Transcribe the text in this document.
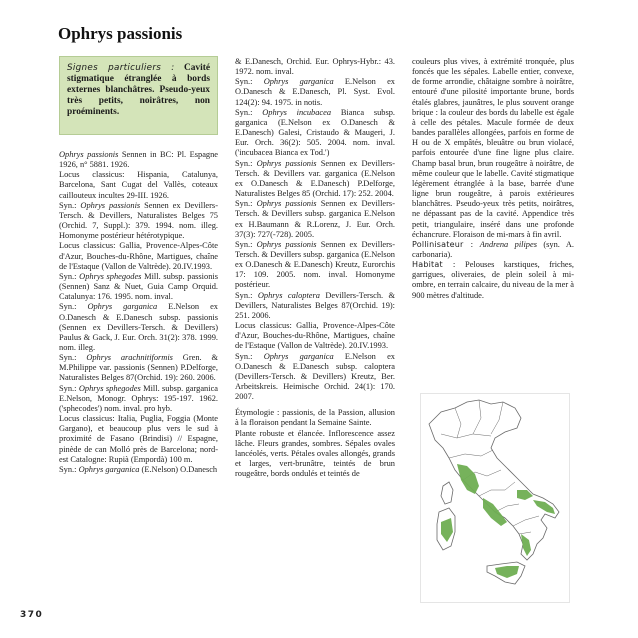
Ophrys passionis
Signes particuliers : Cavité stigmatique étranglée à bords externes blanchâtres. Pseudo-yeux très petits, noirâtres, non proéminents.

Ophrys passionis Sennen in BC: Pl. Espagne 1926, n° 5881. 1926.

Locus classicus: Hispania, Catalunya, Barcelona, Sant Cugat del Vallès, coteaux caillouteux incultes 29-III. 1926.

Syn.: Ophrys passionis Sennen ex Devillers-Tersch. & Devillers, Naturalistes Belges 75 (Orchid. 7, Suppl.): 379. 1994. nom. illeg. Homonyme postérieur hétérotypique.

Locus classicus: Gallia, Provence-Alpes-Côte d'Azur, Bouches-du-Rhône, Martigues, chaîne de l'Estaque (Vallon de Valtrède). 20.IV.1993.

Syn.: Ophrys sphegodes Mill. subsp. passionis (Sennen) Sanz & Nuet, Guia Camp Orquid. Catalunya: 176. 1995. nom. inval.

Syn.: Ophrys garganica E.Nelson ex O.Danesch & E.Danesch subsp. passionis (Sennen ex Devillers-Tersch. & Devillers) Paulus & Gack, J. Eur. Orch. 31(2): 378. 1999. nom. illeg.

Syn.: Ophrys arachnitiformis Gren. & M.Philippe var. passionis (Sennen) P.Delforge, Naturalistes Belges 87(Orchid. 19): 260. 2006.

Syn.: Ophrys sphegodes Mill. subsp. garganica E.Nelson, Monogr. Ophrys: 195-197. 1962. ('sphecodes') nom. inval. pro hyb.

Locus classicus: Italia, Puglia, Foggia (Monte Gargano), et beaucoup plus vers le sud à proximité de Fasano (Brindisi) // Espagne, pinède de can Molló près de Barcelona; nord-est Catalogne: Rupià (Empordà) 100 m.

Syn.: Ophrys garganica (E.Nelson) O.Danesch

& E.Danesch, Orchid. Eur. Ophrys-Hybr.: 43. 1972. nom. inval.

Syn.: Ophrys garganica E.Nelson ex O.Danesch & E.Danesch, Pl. Syst. Evol. 124(2): 94. 1975. in notis.

Syn.: Ophrys incubacea Bianca subsp. garganica (E.Nelson ex O.Danesch & E.Danesch) Galesi, Cristaudo & Maugeri, J. Eur. Orch. 36(2): 505. 2004. nom. inval. ('incubacea Bianca ex Tod.')

Syn.: Ophrys passionis Sennen ex Devillers-Tersch. & Devillers var. garganica (E.Nelson ex O.Danesch & E.Danesch) P.Delforge, Naturalistes Belges 85 (Orchid. 17): 252. 2004.

Syn.: Ophrys passionis Sennen ex Devillers-Tersch. & Devillers subsp. garganica E.Nelson ex H.Baumann & R.Lorenz, J. Eur. Orch. 37(3): 727(-728). 2005.

Syn.: Ophrys passionis Sennen ex Devillers-Tersch. & Devillers subsp. garganica (E.Nelson ex O.Danesch & E.Danesch) Kreutz, Eurorchis 17: 109. 2005. nom. inval. Homonyme postérieur.

Syn.: Ophrys caloptera Devillers-Tersch. & Devillers, Naturalistes Belges 87(Orchid. 19): 251. 2006.

Locus classicus: Gallia, Provence-Alpes-Côte d'Azur, Bouches-du-Rhône, Martigues, chaîne de l'Estaque (Vallon de Valtrède). 20.IV.1993.

Syn.: Ophrys garganica E.Nelson ex O.Danesch & E.Danesch subsp. caloptera (Devillers-Tersch. & Devillers) Kreutz, Ber. Arbeitskreis. Heimische Orchid. 24(1): 170. 2007.

Étymologie : passionis, de la Passion, allusion à la floraison pendant la Semaine Sainte.

Plante robuste et élancée. Inflorescence assez lâche. Fleurs grandes, sombres. Sépales ovales lancéolés, verts. Pétales ovales allongés, grands et larges, vert-brunâtre, teintés de brun rougeâtre, bords ondulés et teintés de

couleurs plus vives, à extrémité tronquée, plus foncés que les sépales. Labelle entier, convexe, de forme arrondie, châtaigne sombre à noirâtre, entouré d'une pilosité importante brune, bords étalés glabres, jaunâtres, le plus souvent orange brique : la couleur des bords du labelle est égale à celle des pétales. Macule formée de deux bandes parallèles allongées, parfois en forme de H ou de X empâtés, bleuâtre ou brun violacé, parfois entourée d'une fine ligne plus claire. Champ basal brun, brun rougeâtre à noirâtre, de même couleur que le labelle. Cavité stigmatique légèrement étranglée à la base, barrée d'une ligne brun rougeâtre, à parois extérieures blanchâtres. Pseudo-yeux très petits, noirâtres, ne dépassant pas de la cavité. Appendice très petit, triangulaire, inséré dans une profonde échancrure. Floraison de mi-mars à fin avril.

Pollinisateur : Andrena pilipes (syn. A. carbonaria).

Habitat : Pelouses karstiques, friches, garrigues, oliveraies, de plein soleil à mi-ombre, en terrain calcaire, du niveau de la mer à 900 mètres d'altitude.

370
